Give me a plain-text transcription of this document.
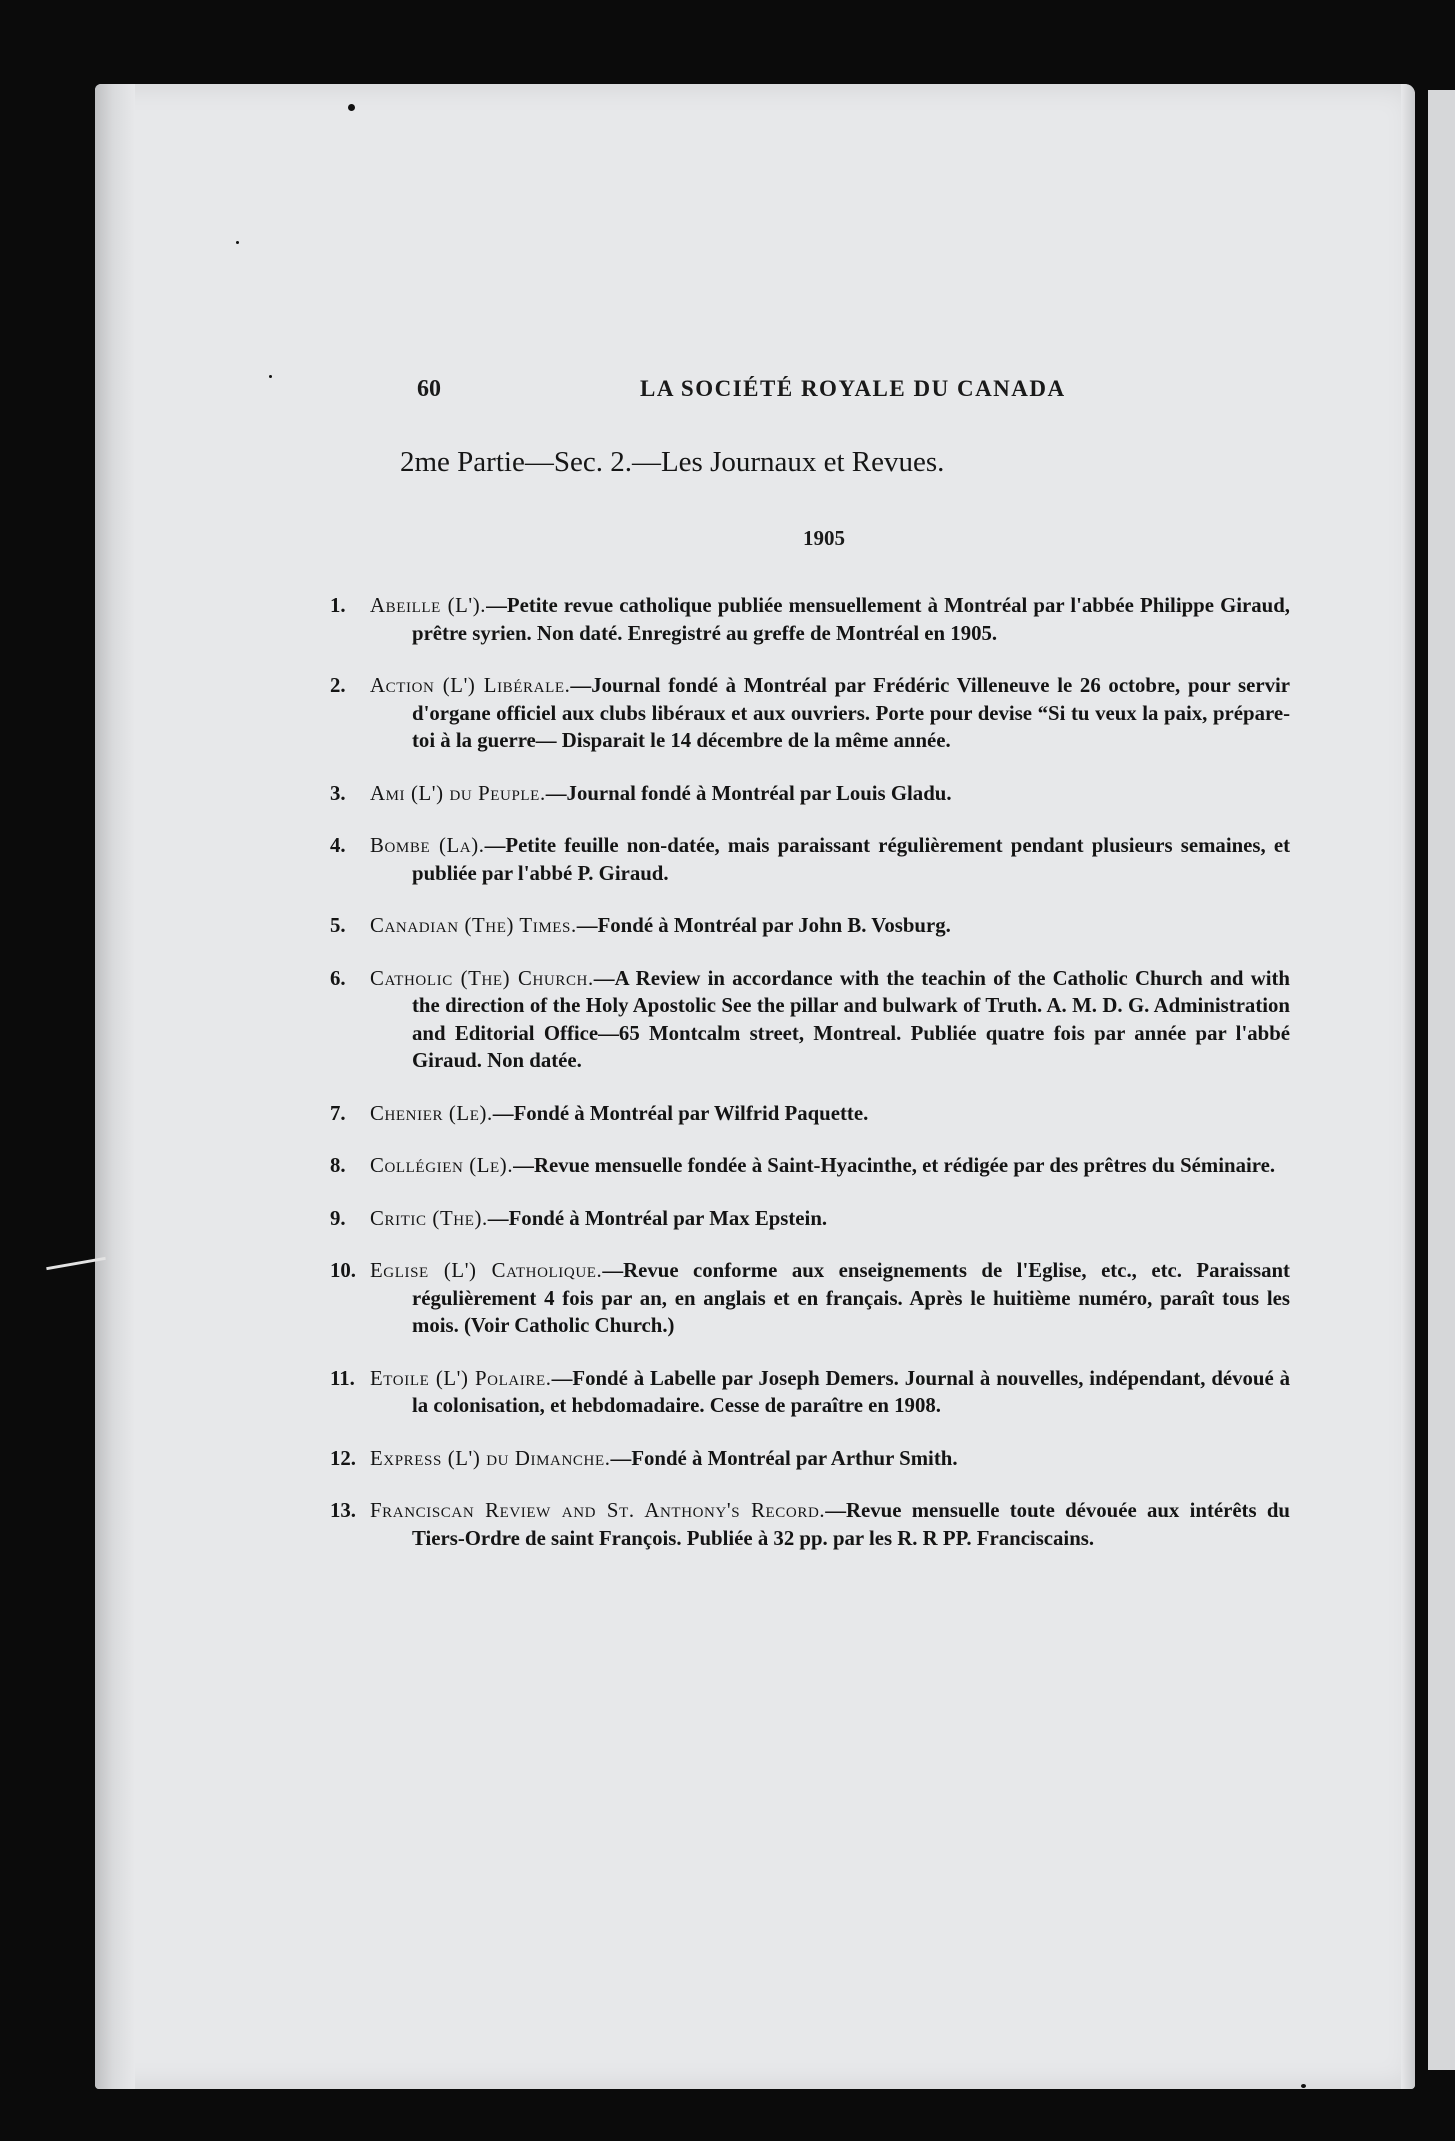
60	LA SOCIÉTÉ ROYALE DU CANADA
2me Partie—Sec. 2.—Les Journaux et Revues.
1905
1.	Abeille (L').—Petite revue catholique publiée mensuellement à Montréal par l'abbée Philippe Giraud, prêtre syrien. Non daté. Enregistré au greffe de Montréal en 1905.
2.	Action (L') Libérale.—Journal fondé à Montréal par Frédéric Villeneuve le 26 octobre, pour servir d'organe officiel aux clubs libéraux et aux ouvriers. Porte pour devise “Si tu veux la paix, prépare-toi à la guerre— Disparait le 14 décembre de la même année.
3.	Ami (L') du Peuple.—Journal fondé à Montréal par Louis Gladu.
4.	Bombe (La).—Petite feuille non-datée, mais paraissant régulièrement pendant plusieurs semaines, et publiée par l'abbé P. Giraud.
5.	Canadian (The) Times.—Fondé à Montréal par John B. Vosburg.
6.	Catholic (The) Church.—A Review in accordance with the teachin of the Catholic Church and with the direction of the Holy Apostolic See the pillar and bulwark of Truth. A. M. D. G. Administration and Editorial Office—65 Montcalm street, Montreal. Publiée quatre fois par année par l'abbé Giraud. Non datée.
7.	Chenier (Le).—Fondé à Montréal par Wilfrid Paquette.
8.	Collégien (Le).—Revue mensuelle fondée à Saint-Hyacinthe, et rédigée par des prêtres du Séminaire.
9.	Critic (The).—Fondé à Montréal par Max Epstein.
10. Eglise (L') Catholique.—Revue conforme aux enseignements de l'Eglise, etc., etc. Paraissant régulièrement 4 fois par an, en anglais et en français. Après le huitième numéro, paraît tous les mois. (Voir Catholic Church.)
11. Etoile (L') Polaire.—Fondé à Labelle par Joseph Demers. Journal à nouvelles, indépendant, dévoué à la colonisation, et hebdomadaire. Cesse de paraître en 1908.
12. Express (L') du Dimanche.—Fondé à Montréal par Arthur Smith.
13. Franciscan Review and St. Anthony's Record.—Revue mensuelle toute dévouée aux intérêts du Tiers-Ordre de saint François. Publiée à 32 pp. par les R. R PP. Franciscains.
